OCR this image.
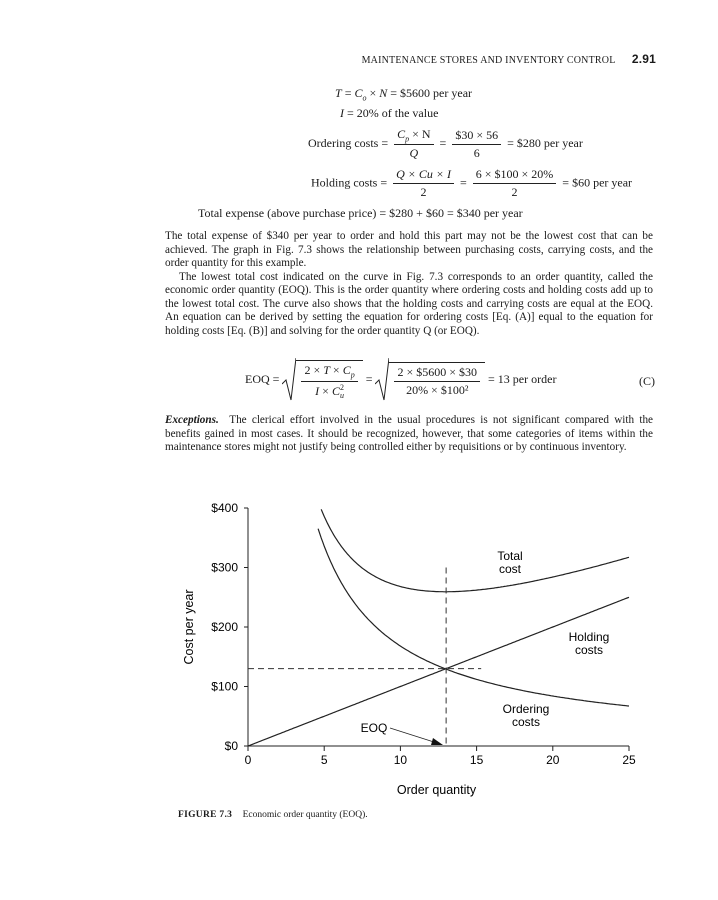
MAINTENANCE STORES AND INVENTORY CONTROL 2.91
$T = C_o \times N$ = $5600 per year
I = 20% of the value
Ordering costs = $\frac{C_p \times N}{Q} = \frac{\$30 \times 56}{6}$ = $280 per year
Holding costs = $\frac{Q \times Cu \times I}{2} = \frac{6 \times \$100 \times 20\%}{2}$ = $60 per year
Total expense (above purchase price) = $280 + $60 = $340 per year

The total expense of $340 per year to order and hold this part may not be the lowest cost that can be achieved. The graph in Fig. 7.3 shows the relationship between purchasing costs, carrying costs, and the order quantity for this example.

The lowest total cost indicated on the curve in Fig. 7.3 corresponds to an order quantity, called the economic order quantity (EOQ). This is the order quantity where ordering costs and holding costs add up to the lowest total cost. The curve also shows that the holding costs and carrying costs are equal at the EOQ. An equation can be derived by setting the equation for ordering costs [Eq. (A)] equal to the equation for holding costs [Eq. (B)] and solving for the order quantity Q (or EOQ).

EOQ = $\frac{2 \times T \times C_p}{I \times C^2_u} = \frac{2 \times \$5600 \times \$30}{\text{20\% × \$100²}} = 13$ per order	(C)

Exceptions. The clerical effort involved in the usual procedures is not significant compared with the benefits gained in most cases. It should be recognized, however, that some categories of items within the maintenance stores might not justify being controlled either by requisitions or by continuous inventory.

$0
$100
$200
$300
$400
0	5	10	15	20	25
Order quantity
Cost per year
Total
cost
Holding
costs
Ordering
costs
EOQ
FIGURE 7.3 Economic order quantity (EOQ).
